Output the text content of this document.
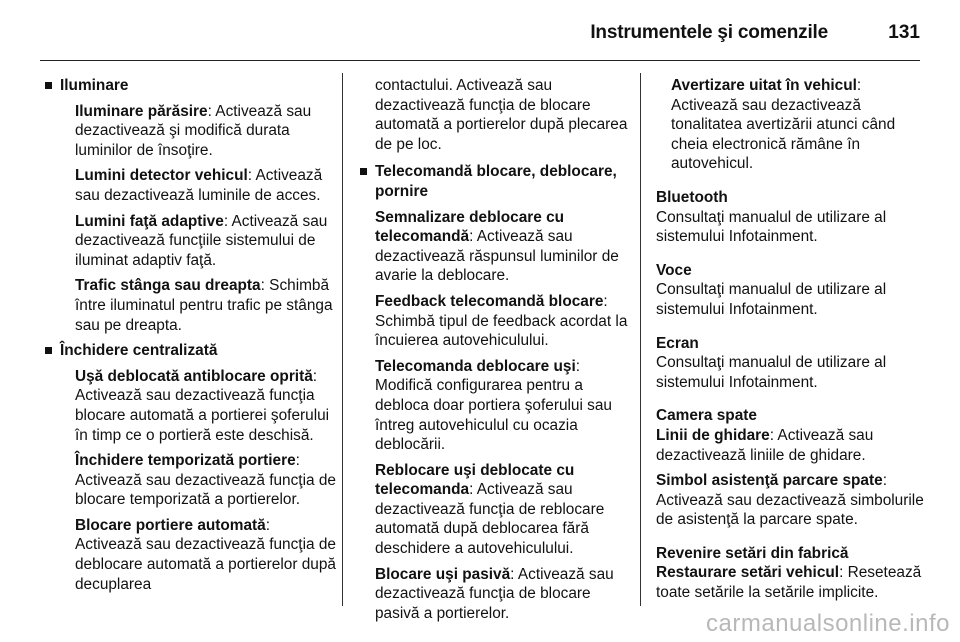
Instrumentele şi comenzile	131
Iluminare
Iluminare părăsire: Activează sau dezactivează şi modifică durata luminilor de însoţire.
Lumini detector vehicul: Activează sau dezactivează luminile de acces.
Lumini faţă adaptive: Activează sau dezactivează funcţiile sistemului de iluminat adaptiv faţă.
Trafic stânga sau dreapta: Schimbă între iluminatul pentru trafic pe stânga sau pe dreapta.
Închidere centralizată
Uşă deblocată antiblocare oprită: Activează sau dezactivează funcţia blocare automată a portierei şoferului în timp ce o portieră este deschisă.
Închidere temporizată portiere: Activează sau dezactivează funcţia de blocare temporizată a portierelor.
Blocare portiere automată: Activează sau dezactivează funcţia de deblocare automată a portierelor după decuplarea
contactului. Activează sau dezactivează funcţia de blocare automată a portierelor după plecarea de pe loc.
Telecomandă blocare, deblocare, pornire
Semnalizare deblocare cu telecomandă: Activează sau dezactivează răspunsul luminilor de avarie la deblocare.
Feedback telecomandă blocare: Schimbă tipul de feedback acordat la încuierea autovehiculului.
Telecomanda deblocare uşi: Modifică configurarea pentru a debloca doar portiera şoferului sau întreg autovehiculul cu ocazia deblocării.
Reblocare uşi deblocate cu telecomanda: Activează sau dezactivează funcţia de reblocare automată după deblocarea fără deschidere a autovehiculului.
Blocare uşi pasivă: Activează sau dezactivează funcţia de blocare pasivă a portierelor.
Avertizare uitat în vehicul: Activează sau dezactivează tonalitatea avertizării atunci când cheia electronică rămâne în autovehicul.
Bluetooth
Consultaţi manualul de utilizare al sistemului Infotainment.
Voce
Consultaţi manualul de utilizare al sistemului Infotainment.
Ecran
Consultaţi manualul de utilizare al sistemului Infotainment.
Camera spate
Linii de ghidare: Activează sau dezactivează liniile de ghidare.
Simbol asistenţă parcare spate: Activează sau dezactivează simbolurile de asistenţă la parcare spate.
Revenire setări din fabrică
Restaurare setări vehicul: Resetează toate setările la setările implicite.
carmanualsonline.info
